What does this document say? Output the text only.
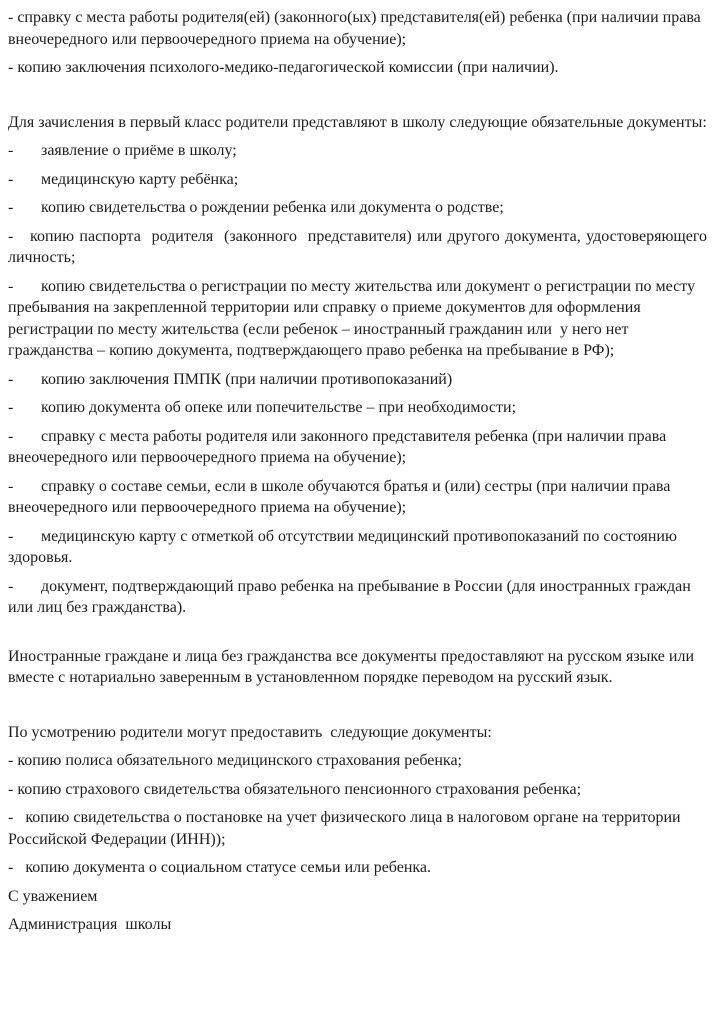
- справку с места работы родителя(ей) (законного(ых) представителя(ей) ребенка (при наличии права внеочередного или первоочередного приема на обучение);

- копию заключения психолого-медико-педагогической комиссии (при наличии).

Для зачисления в первый класс родители представляют в школу следующие обязательные документы:

- заявление о приёме в школу;

- медицинскую карту ребёнка;

- копию свидетельства о рождении ребенка или документа о родстве;

- копию паспорта  родителя  (законного  представителя) или другого документа, удостоверяющего личность;

- копию свидетельства о регистрации по месту жительства или документ о регистрации по месту пребывания на закрепленной территории или справку о приеме документов для оформления регистрации по месту жительства (если ребенок – иностранный гражданин или  у него нет гражданства – копию документа, подтверждающего право ребенка на пребывание в РФ);

- копию заключения ПМПК (при наличии противопоказаний)

- копию документа об опеке или попечительстве – при необходимости;

- справку с места работы родителя или законного представителя ребенка (при наличии права внеочередного или первоочередного приема на обучение);

- справку о составе семьи, если в школе обучаются братья и (или) сестры (при наличии права внеочередного или первоочередного приема на обучение);

- медицинскую карту с отметкой об отсутствии медицинский противопоказаний по состоянию здоровья.

- документ, подтверждающий право ребенка на пребывание в России (для иностранных граждан или лиц без гражданства).

Иностранные граждане и лица без гражданства все документы предоставляют на русском языке или вместе с нотариально заверенным в установленном порядке переводом на русский язык.

По усмотрению родители могут предоставить  следующие документы:

- копию полиса обязательного медицинского страхования ребенка;

- копию страхового свидетельства обязательного пенсионного страхования ребенка;

-   копию свидетельства о постановке на учет физического лица в налоговом органе на территории Российской Федерации (ИНН));

-   копию документа о социальном статусе семьи или ребенка.

С уважением

Администрация  школы
